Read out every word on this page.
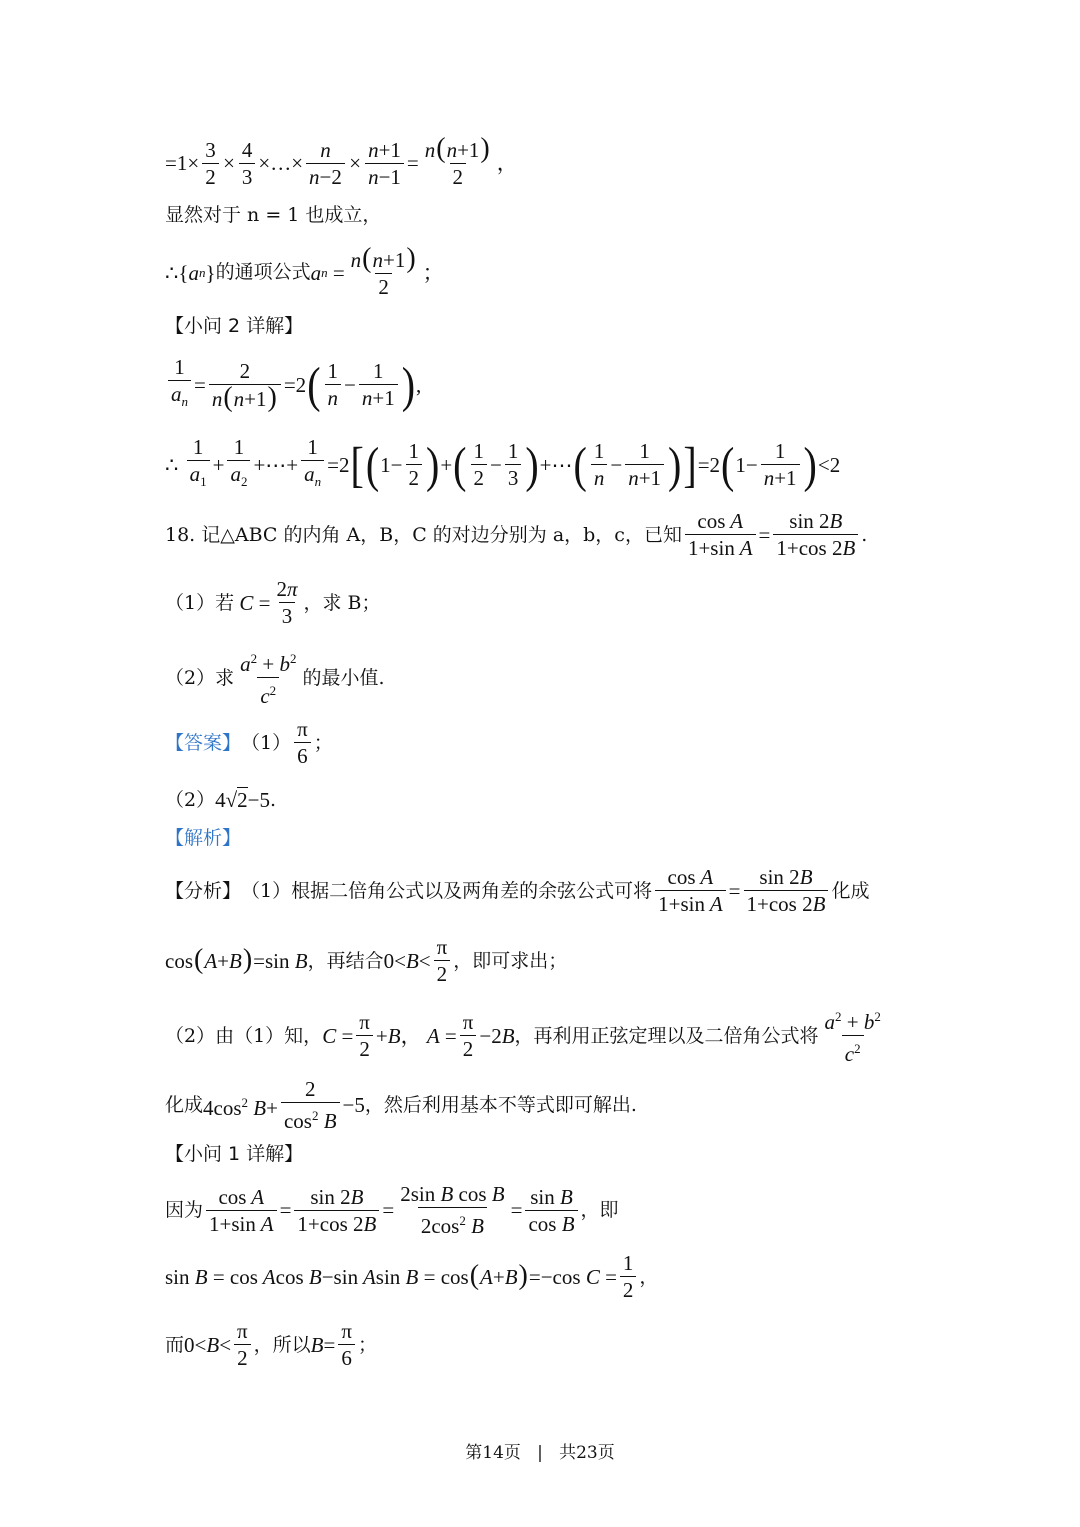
$=1\times \frac{3}{2} \times \frac{4}{3}$ ×…× $\frac{n}{n-2} \times \frac{n+1}{n-1} = \frac{n(n+1)}{2}$ ，
显然对于 n = 1 也成立，
∴ { a n } 的通项公式 a $n = \frac{n(n+1)}{2}$ ；
【小问 2 详解】
$\frac{1}{a_n} = \frac{2}{n(n+1)} =2$ ( $\frac{1}{n} - \frac{1}{n+1}$ ) ,
∴ $\frac{1}{a_1} + \frac{1}{a_2}$ +⋯+ $\frac{1}{a_n} =2$ [ ( $1- \frac{1}{2}$ ) + ( $\frac{1}{2} - \frac{1}{3}$ ) +⋯ ( $\frac{1}{n} - \frac{1}{n+1}$ ) ] =2 ( $1- \frac{1}{n+1}$ ) <2
18. 记△ABC 的内角 A，B，C 的对边分别为 a，b，c，已知 $\frac{\text{cos A}}{\text{1+sin A}} = \frac{\sin 2B}{1+\cos 2B}$ .
（1）若 $C = \frac{2\pi}{3}$ ，求 B；
（2）求 $\frac{a^2 + b^2}{c^2}$ 的最小值.
【答案】 $(1) \frac{\pi}{6}$ ；
（2） 4√2−5 .
【解析】
【分析】 （1）根据二倍角公式以及两角差的余弦公式可将 $\frac{\text{cos A}}{\text{1+sin A}} = \frac{\sin 2B}{1+\cos 2B}$ 化成
cos(A+B)=sin B ，再结合 $0<B< \frac{\pi}{2}$ ，即可求出；
（2）由（1）知， $C = \frac{\pi}{2} +B$， $A = \frac{\pi}{2} -2B$ ，再利用正弦定理以及二倍角公式将 $\frac{a^2 + b^2}{c^2}$
化成 $4\cos^2$ $B+ \frac{2}{\cos^2 B} -5$ ，然后利用基本不等式即可解出.
【小问 1 详解】
因为 $\frac{\text{cos A}}{\text{1+sin A}} = \frac{\sin 2B}{1+\cos 2B} = \frac{\text{2sin B cos B}}{2\cos^2 B} = \frac{\text{sin B}}{\text{cos B}}$ ，即
sin B = cos Acos B−sin Asin B = cos(A+B)=−cos $C = \frac{1}{2}$ ，
而 $0<B< \frac{\pi}{2}$ ，所以 $B= \frac{\pi}{6}$ ；
第14页 | 共23页
